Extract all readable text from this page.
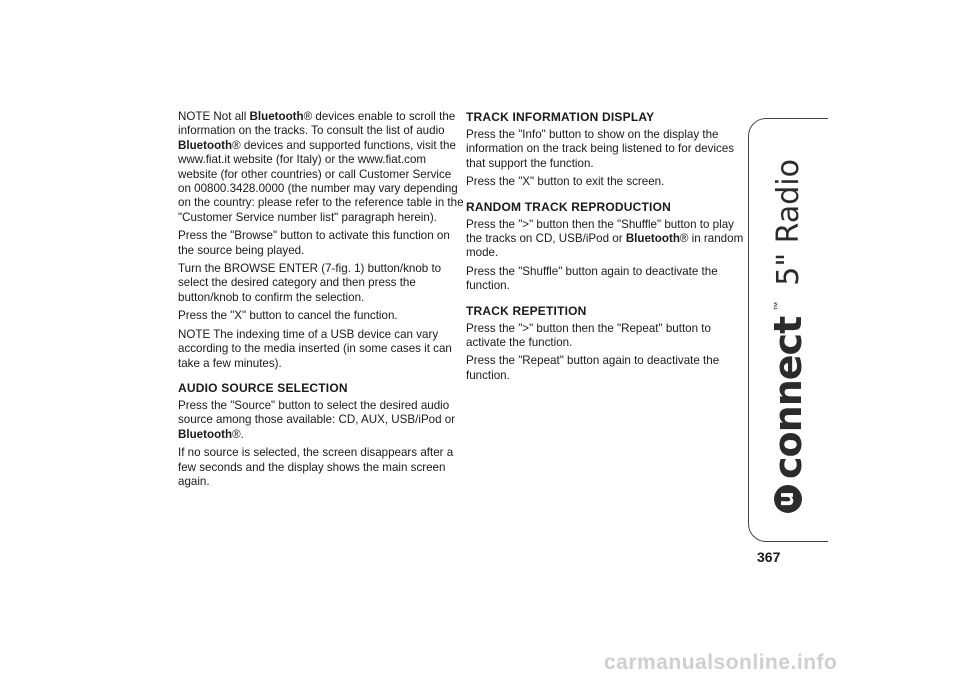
NOTE Not all Bluetooth® devices enable to scroll the information on the tracks. To consult the list of audio Bluetooth® devices and supported functions, visit the www.fiat.it website (for Italy) or the www.fiat.com website (for other countries) or call Customer Service on 00800.3428.0000 (the number may vary depending on the country: please refer to the reference table in the "Customer Service number list" paragraph herein).

Press the "Browse" button to activate this function on the source being played.

Turn the BROWSE ENTER (7-fig. 1) button/knob to select the desired category and then press the button/knob to confirm the selection.

Press the "X" button to cancel the function.

NOTE The indexing time of a USB device can vary according to the media inserted (in some cases it can take a few minutes).

AUDIO SOURCE SELECTION

Press the "Source" button to select the desired audio source among those available: CD, AUX, USB/iPod or Bluetooth®.

If no source is selected, the screen disappears after a few seconds and the display shows the main screen again.

TRACK INFORMATION DISPLAY

Press the "Info" button to show on the display the information on the track being listened to for devices that support the function.

Press the "X" button to exit the screen.

RANDOM TRACK REPRODUCTION

Press the ">" button then the "Shuffle" button to play the tracks on CD, USB/iPod or Bluetooth® in random mode.

Press the "Shuffle" button again to deactivate the function.

TRACK REPETITION

Press the ">" button then the "Repeat" button to activate the function.

Press the "Repeat" button again to deactivate the function.

u
connect
™
5" Radio
367
carmanualsonline.info
